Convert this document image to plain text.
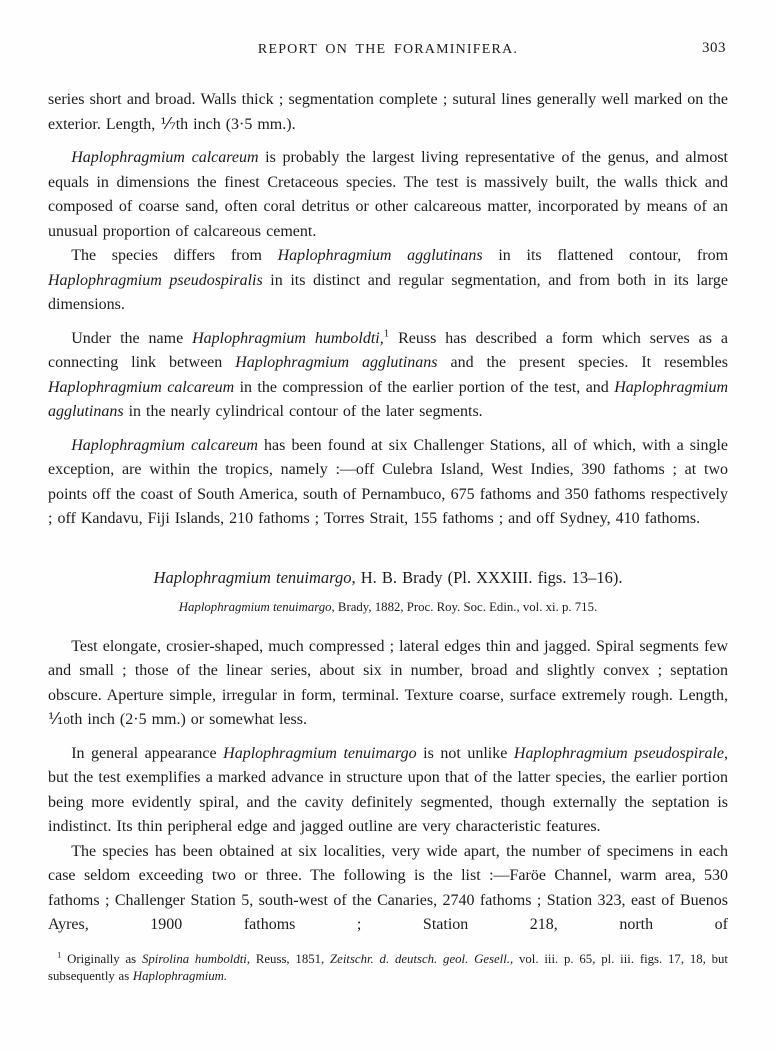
REPORT ON THE FORAMINIFERA.	303

series short and broad. Walls thick ; segmentation complete ; sutural lines generally well marked on the exterior. Length, ⅐th inch (3·5 mm.).

Haplophragmium calcareum is probably the largest living representative of the genus, and almost equals in dimensions the finest Cretaceous species. The test is massively built, the walls thick and composed of coarse sand, often coral detritus or other calcareous matter, incorporated by means of an unusual proportion of calcareous cement.

The species differs from Haplophragmium agglutinans in its flattened contour, from Haplophragmium pseudospiralis in its distinct and regular segmentation, and from both in its large dimensions.

Under the name Haplophragmium humboldti,$^1$ Reuss has described a form which serves as a connecting link between Haplophragmium agglutinans and the present species. It resembles Haplophragmium calcareum in the compression of the earlier portion of the test, and Haplophragmium agglutinans in the nearly cylindrical contour of the later segments.

Haplophragmium calcareum has been found at six Challenger Stations, all of which, with a single exception, are within the tropics, namely :—off Culebra Island, West Indies, 390 fathoms ; at two points off the coast of South America, south of Pernambuco, 675 fathoms and 350 fathoms respectively ; off Kandavu, Fiji Islands, 210 fathoms ; Torres Strait, 155 fathoms ; and off Sydney, 410 fathoms.

Haplophragmium tenuimargo, H. B. Brady (Pl. XXXIII. figs. 13–16).
Haplophragmium tenuimargo, Brady, 1882, Proc. Roy. Soc. Edin., vol. xi. p. 715.

Test elongate, crosier-shaped, much compressed ; lateral edges thin and jagged. Spiral segments few and small ; those of the linear series, about six in number, broad and slightly convex ; septation obscure. Aperture simple, irregular in form, terminal. Texture coarse, surface extremely rough. Length, ⅒th inch (2·5 mm.) or somewhat less.

In general appearance Haplophragmium tenuimargo is not unlike Haplophragmium pseudospirale, but the test exemplifies a marked advance in structure upon that of the latter species, the earlier portion being more evidently spiral, and the cavity definitely segmented, though externally the septation is indistinct. Its thin peripheral edge and jagged outline are very characteristic features.

The species has been obtained at six localities, very wide apart, the number of specimens in each case seldom exceeding two or three. The following is the list :—Faröe Channel, warm area, 530 fathoms ; Challenger Station 5, south-west of the Canaries, 2740 fathoms ; Station 323, east of Buenos Ayres, 1900 fathoms ; Station 218, north of

$^1$ Originally as Spirolina humboldti, Reuss, 1851, Zeitschr. d. deutsch. geol. Gesell., vol. iii. p. 65, pl. iii. figs. 17, 18, but subsequently as Haplophragmium.
